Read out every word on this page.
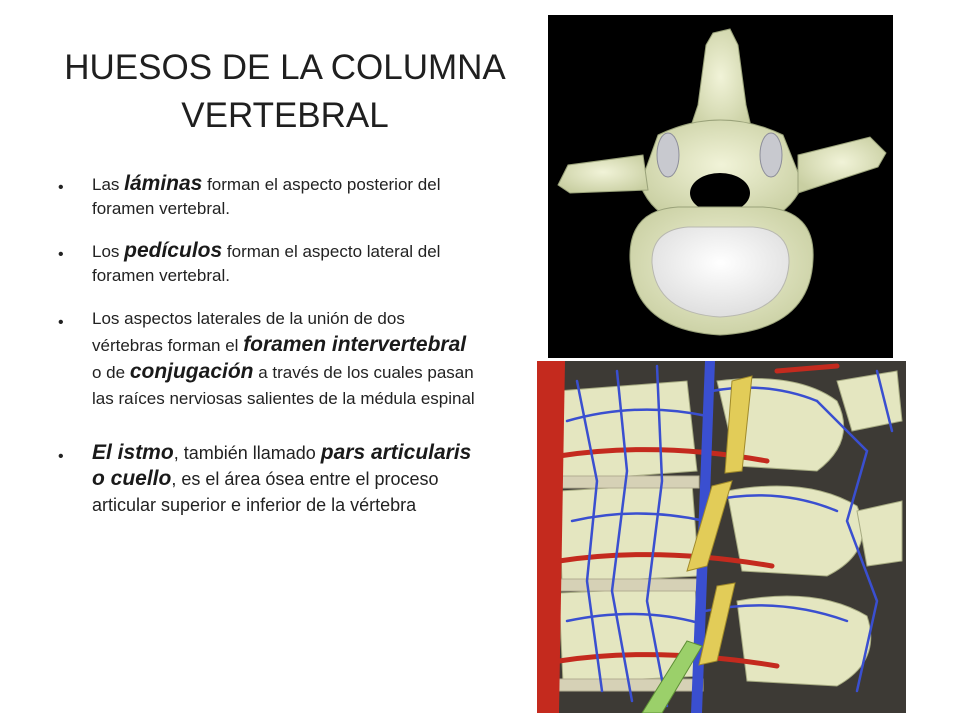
HUESOS DE LA COLUMNA VERTEBRAL
• Las láminas forman el aspecto posterior del foramen vertebral.
• Los pedículos forman el aspecto lateral del foramen vertebral.
• Los aspectos laterales de la unión de dos vértebras forman el foramen intervertebral o de conjugación a través de los cuales pasan las raíces nerviosas salientes de la médula espinal
• El istmo, también llamado pars articularis o cuello, es el área ósea entre el proceso articular superior e inferior de la vértebra
